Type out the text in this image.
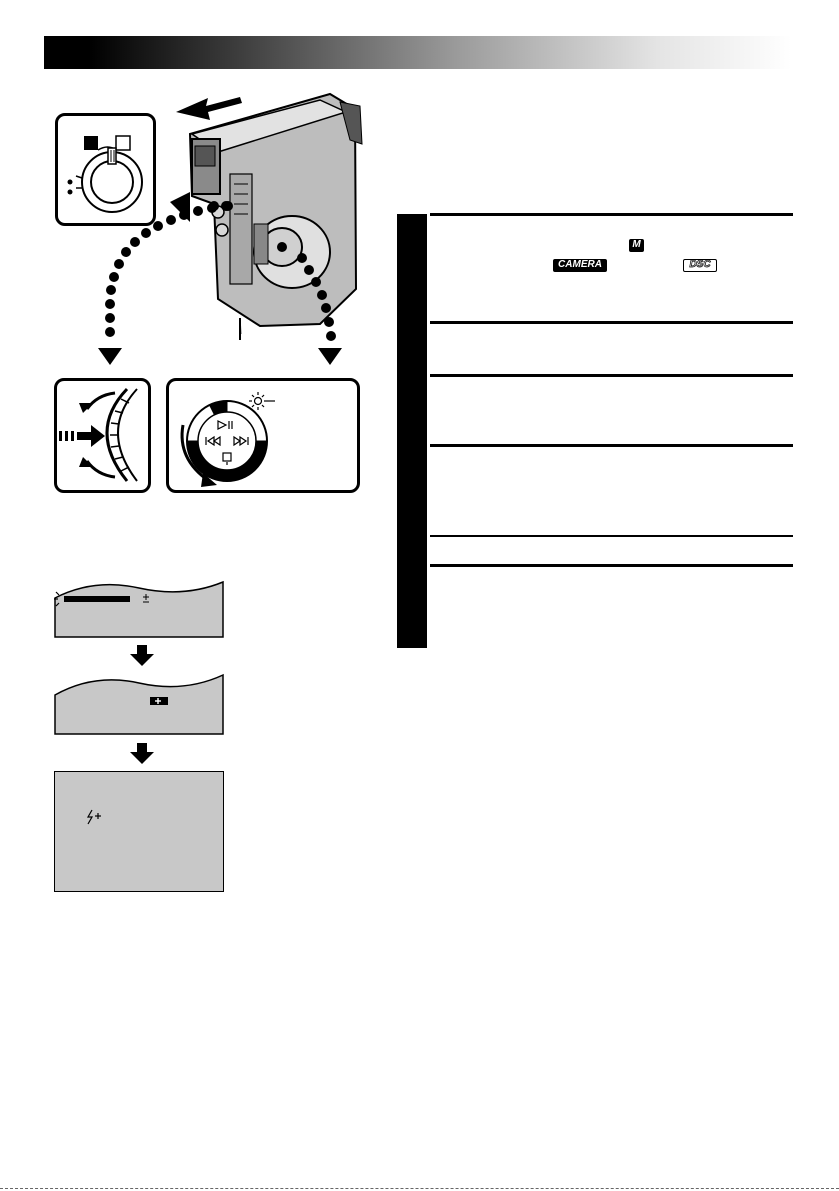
M
CAMERA	DSC
